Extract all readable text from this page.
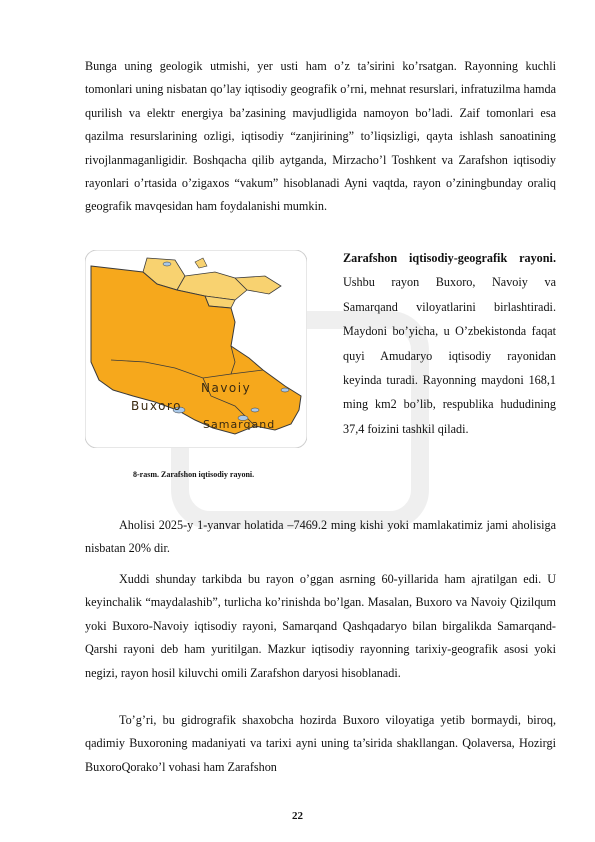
Bunga uning geologik utmishi, yer usti ham o’z ta’sirini ko’rsatgan. Rayonning kuchli tomonlari uning nisbatan qo’lay iqtisodiy geografik o’rni, mehnat resurslari, infratuzilma hamda qurilish va elektr energiya ba’zasining mavjudligida namoyon bo’ladi. Zaif tomonlari esa qazilma resurslarining ozligi, iqtisodiy “zanjirining” to’liqsizligi, qayta ishlash sanoatining rivojlanmaganligidir. Boshqacha qilib aytganda, Mirzacho’l Toshkent va Zarafshon iqtisodiy rayonlari o’rtasida o’zigaxos “vakum” hisoblanadi Ayni vaqtda, rayon o’ziningbunday oraliq geografik mavqesidan ham foydalanishi mumkin.

Navoiy
Buxoro
Samarqand

Zarafshon iqtisodiy-geografik rayoni. Ushbu rayon Buxoro, Navoiy va Samarqand viloyatlarini birlashtiradi. Maydoni bo’yicha, u O’zbekistonda faqat quyi Amudaryo iqtisodiy rayonidan keyinda turadi. Rayonning maydoni 168,1 ming km2 bo’lib, respublika hududining 37,4 foizini tashkil qiladi.

8-rasm. Zarafshon iqtisodiy rayoni.

Aholisi 2025-y 1-yanvar holatida –7469.2 ming kishi yoki mamlakatimiz jami aholisiga nisbatan 20% dir.

Xuddi shunday tarkibda bu rayon o’ggan asrning 60-yillarida ham ajratilgan edi. U keyinchalik “maydalashib”, turlicha ko’rinishda bo’lgan. Masalan, Buxoro va Navoiy Qizilqum yoki Buxoro-Navoiy iqtisodiy rayoni, Samarqand Qashqadaryo bilan birgalikda Samarqand-Qarshi rayoni deb ham yuritilgan. Mazkur iqtisodiy rayonning tarixiy-geografik asosi yoki negizi, rayon hosil kiluvchi omili Zarafshon daryosi hisoblanadi.

To’g’ri, bu gidrografik shaxobcha hozirda Buxoro viloyatiga yetib bormaydi, biroq, qadimiy Buxoroning madaniyati va tarixi ayni uning ta’sirida shakllangan. Qolaversa, Hozirgi BuxoroQorako’l vohasi ham Zarafshon

22
